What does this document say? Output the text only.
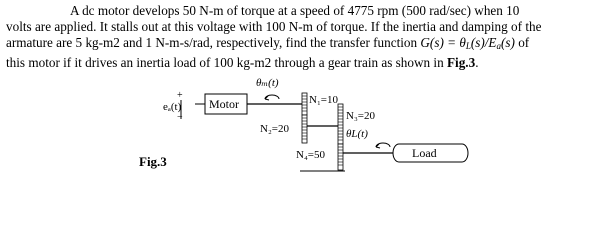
A dc motor develops 50 N-m of torque at a speed of 4775 rpm (500 rad/sec) when 10

volts are applied. It stalls out at this voltage with 100 N-m of torque. If the inertia and damping of the

armature are 5 kg-m2 and 1 N-m-s/rad, respectively, find the transfer function $G(s) = \theta_L(s)/E_a(s)$ of

this motor if it drives an inertia load of 100 kg-m2 through a gear train as shown in Fig.3.

+
−
eₐ(t) Motor
θₘ(t)
N₁=10
N₂=20
N₃=20
θL(t)
N₄=50	Load
Fig.3
